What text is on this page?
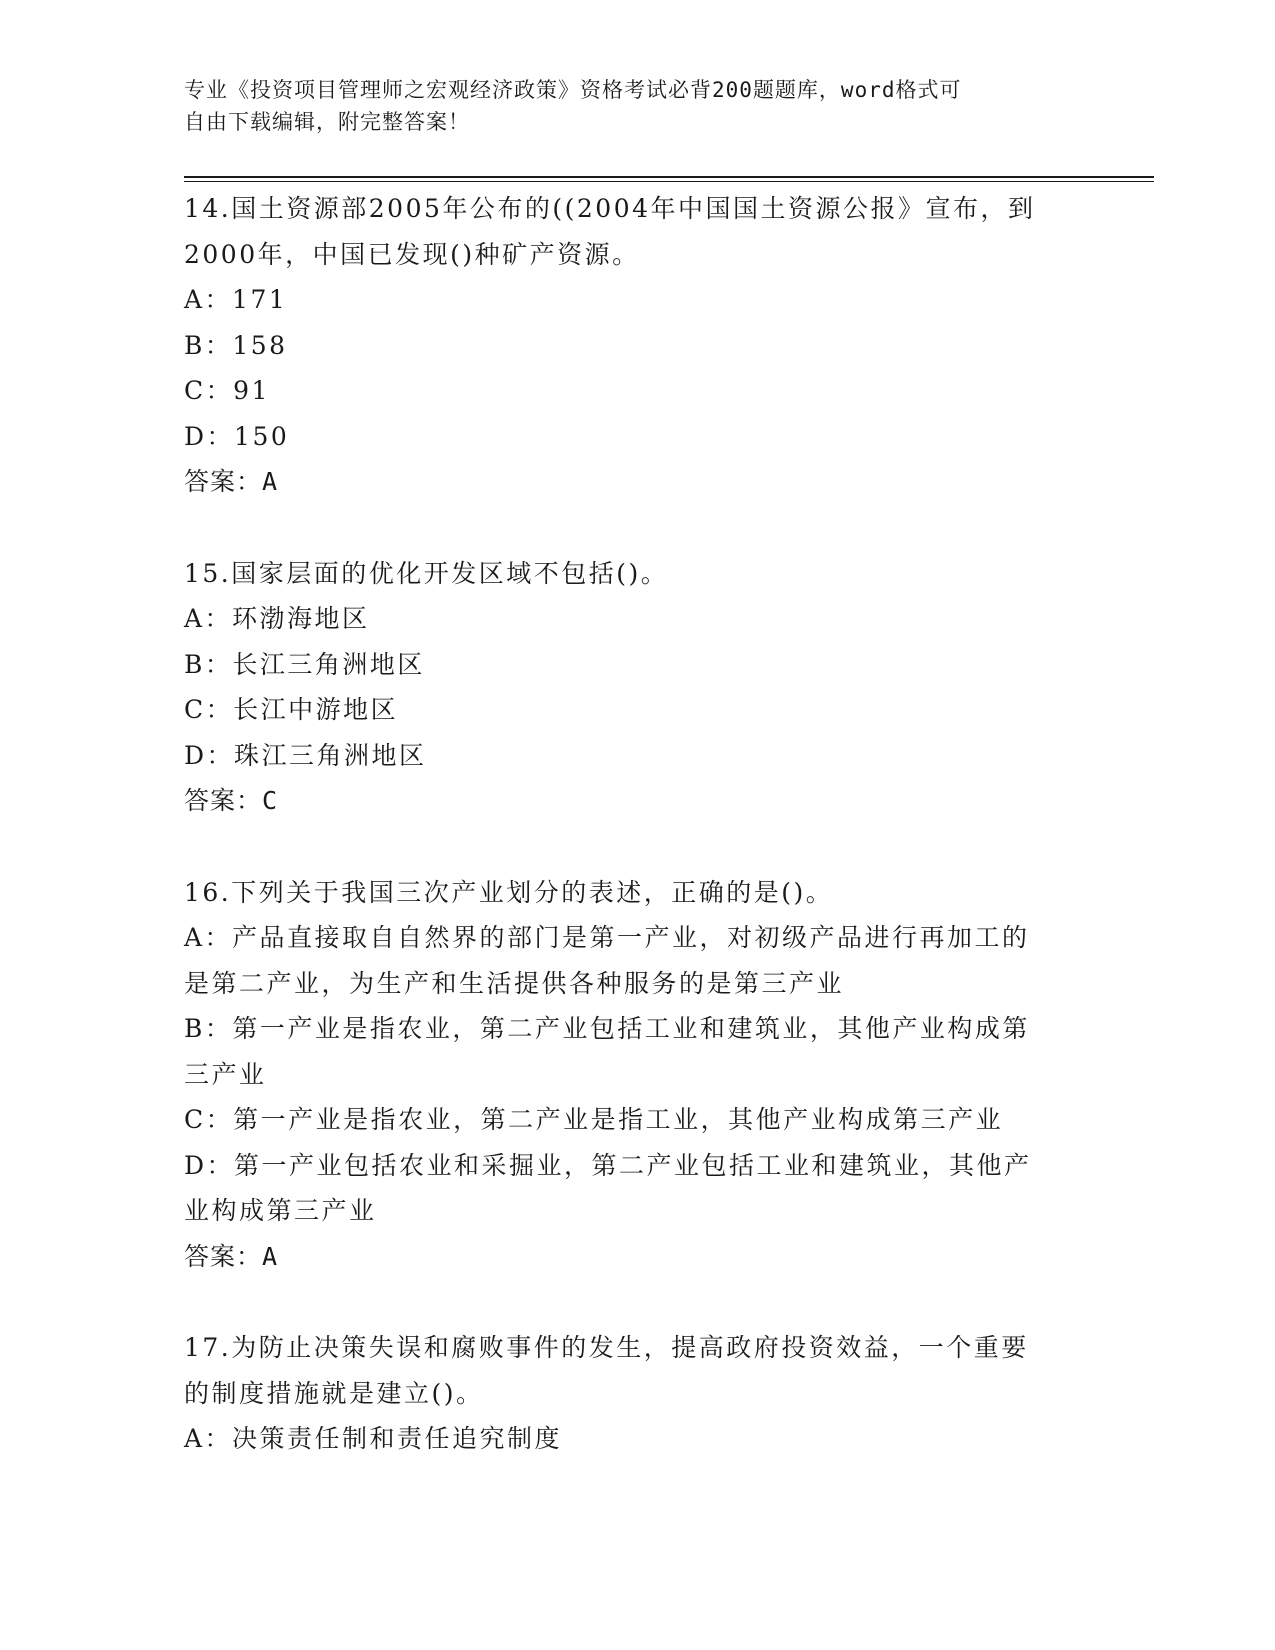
专业《投资项目管理师之宏观经济政策》资格考试必背200题题库，word格式可
自由下载编辑，附完整答案！
14.国土资源部2005年公布的((2004年中国国土资源公报》宣布，到
2000年，中国已发现()种矿产资源。
A：171
B：158
C：91
D：150
答案：A
15.国家层面的优化开发区域不包括()。
A：环渤海地区
B：长江三角洲地区
C：长江中游地区
D：珠江三角洲地区
答案：C
16.下列关于我国三次产业划分的表述，正确的是()。
A：产品直接取自自然界的部门是第一产业，对初级产品进行再加工的
是第二产业，为生产和生活提供各种服务的是第三产业
B：第一产业是指农业，第二产业包括工业和建筑业，其他产业构成第
三产业
C：第一产业是指农业，第二产业是指工业，其他产业构成第三产业
D：第一产业包括农业和采掘业，第二产业包括工业和建筑业，其他产
业构成第三产业
答案：A
17.为防止决策失误和腐败事件的发生，提高政府投资效益，一个重要
的制度措施就是建立()。
A：决策责任制和责任追究制度
